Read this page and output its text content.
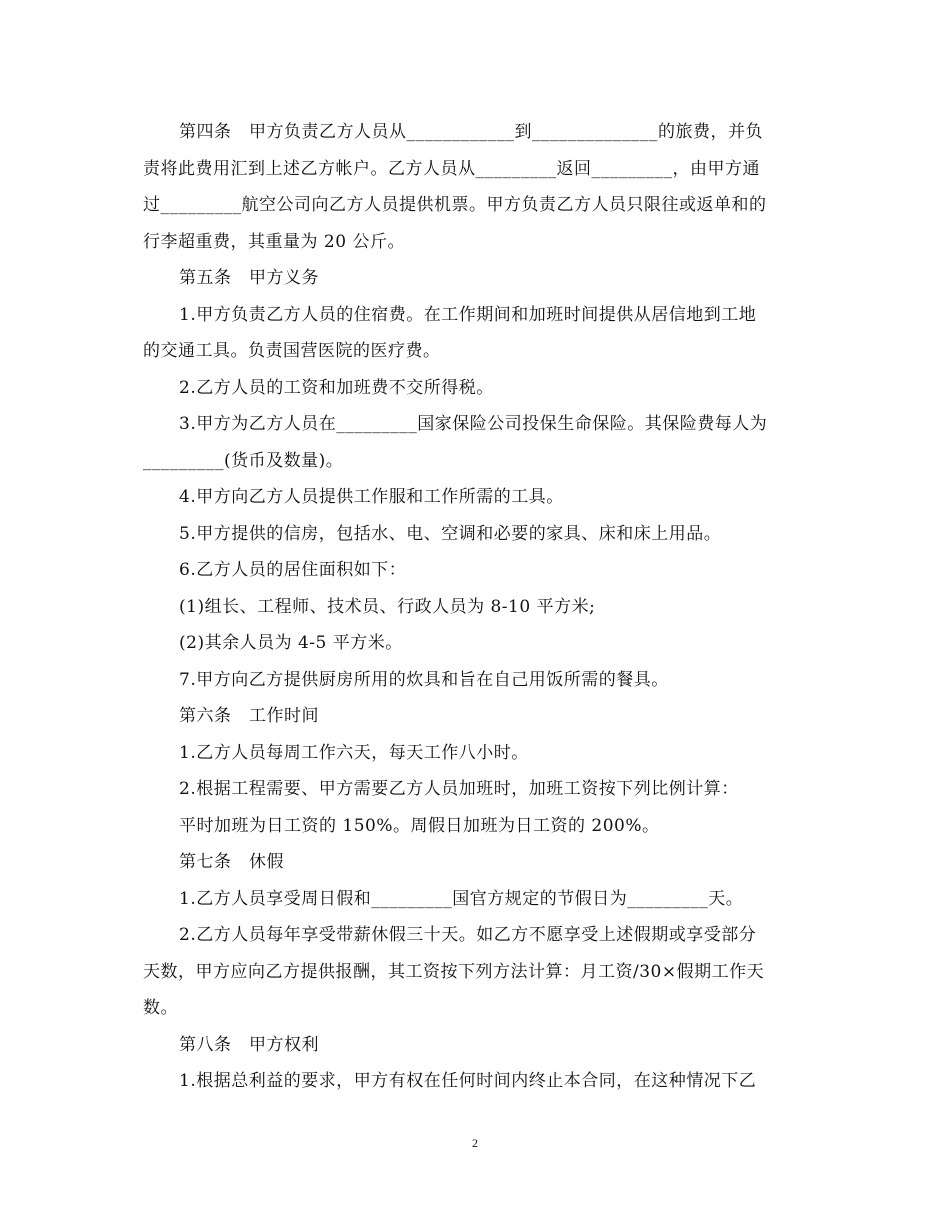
第四条　甲方负责乙方人员从____________到______________的旅费，并负

责将此费用汇到上述乙方帐户。乙方人员从_________返回_________，由甲方通

过_________航空公司向乙方人员提供机票。甲方负责乙方人员只限往或返单和的

行李超重费，其重量为 20 公斤。

第五条　甲方义务

1.甲方负责乙方人员的住宿费。在工作期间和加班时间提供从居信地到工地

的交通工具。负责国营医院的医疗费。

2.乙方人员的工资和加班费不交所得税。

3.甲方为乙方人员在_________国家保险公司投保生命保险。其保险费每人为

_________(货币及数量)。

4.甲方向乙方人员提供工作服和工作所需的工具。

5.甲方提供的信房，包括水、电、空调和必要的家具、床和床上用品。

6.乙方人员的居住面积如下：

(1)组长、工程师、技术员、行政人员为 8-10 平方米;

(2)其余人员为 4-5 平方米。

7.甲方向乙方提供厨房所用的炊具和旨在自己用饭所需的餐具。

第六条　工作时间

1.乙方人员每周工作六天，每天工作八小时。

2.根据工程需要、甲方需要乙方人员加班时，加班工资按下列比例计算：

平时加班为日工资的 150%。周假日加班为日工资的 200%。

第七条　休假

1.乙方人员享受周日假和_________国官方规定的节假日为_________天。

2.乙方人员每年享受带薪休假三十天。如乙方不愿享受上述假期或享受部分

天数，甲方应向乙方提供报酬，其工资按下列方法计算：月工资/30×假期工作天

数。

第八条　甲方权利

1.根据总利益的要求，甲方有权在任何时间内终止本合同，在这种情况下乙

2
